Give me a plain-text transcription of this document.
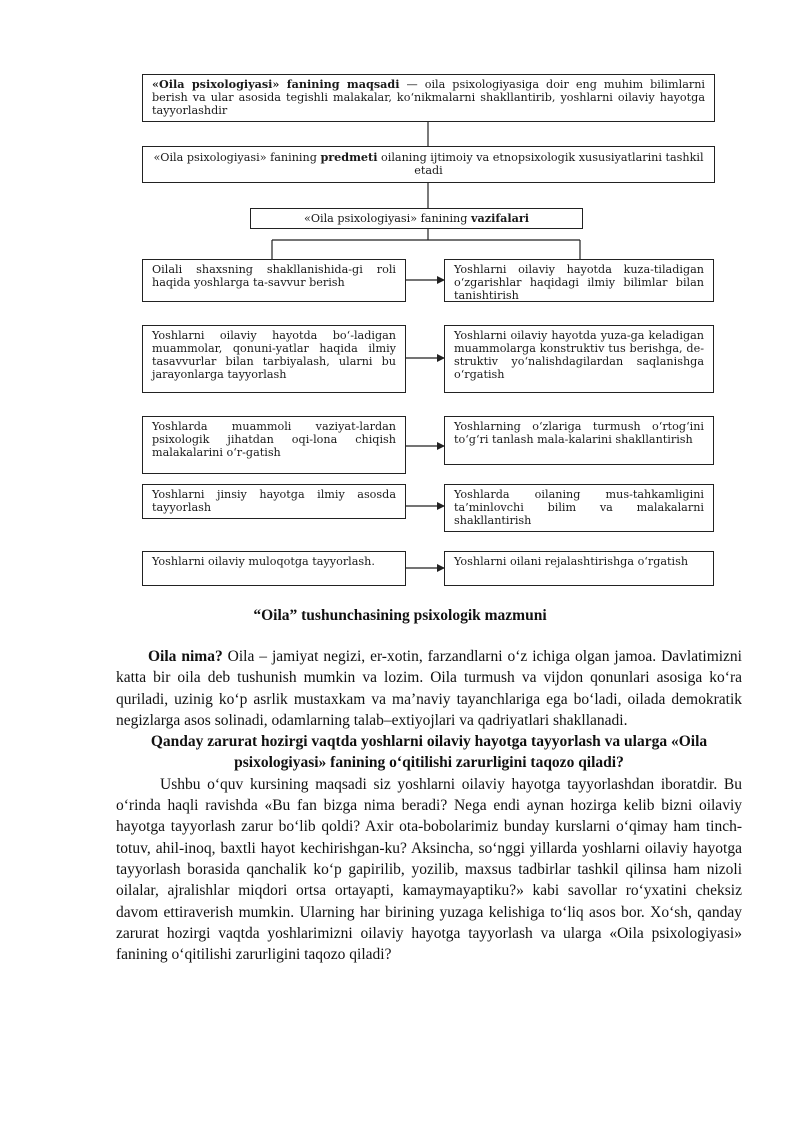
«Oila psixologiyasi» fanining maqsadi — oila psixologiyasiga doir eng muhim bilimlarni berish va ular asosida tegishli malakalar, ko‘nikmalarni shakllantirib, yoshlarni oilaviy hayotga tayyorlashdir
«Oila psixologiyasi» fanining predmeti oilaning ijtimoiy va etnopsixologik xususiyatlarini tashkil etadi
«Oila psixologiyasi» fanining vazifalari
Oilali shaxsning shakllanishida-gi roli haqida yoshlarga ta-savvur berish
Yoshlarni oilaviy hayotda bo‘-ladigan muammolar, qonuni-yatlar haqida ilmiy tasavvurlar bilan tarbiyalash, ularni bu jarayonlarga tayyorlash
Yoshlarda muammoli vaziyat-lardan psixologik jihatdan oqi-lona chiqish malakalarini o‘r-gatish
Yoshlarni jinsiy hayotga ilmiy asosda tayyorlash
Yoshlarni oilaviy muloqotga tayyorlash.
Yoshlarni oilaviy hayotda kuza-tiladigan o‘zgarishlar haqidagi ilmiy bilimlar bilan tanishtirish
Yoshlarni oilaviy hayotda yuza-ga keladigan muammolarga konstruktiv tus berishga, de-struktiv yo‘nalishdagilardan saqlanishga o‘rgatish
Yoshlarning o‘zlariga turmush o‘rtog‘ini to‘g‘ri tanlash mala-kalarini shakllantirish
Yoshlarda oilaning mus-tahkamligini ta’minlovchi bilim va malakalarni shakllantirish
Yoshlarni oilani rejalashtirishga o‘rgatish
“Oila” tushunchasining psixologik mazmuni

Oila nima? Oila – jamiyat negizi, er-xotin, farzandlarni o‘z ichiga olgan jamoa. Davlatimizni katta bir oila deb tushunish mumkin va lozim. Oila turmush va vijdon qonunlari asosiga ko‘ra quriladi, uzinig ko‘p asrlik mustaxkam va ma’naviy tayanchlariga ega bo‘ladi, oilada demokratik negizlarga asos solinadi, odamlarning talab–extiyojlari va qadriyatlari shakllanadi.

Qanday zarurat hozirgi vaqtda yoshlarni oilaviy hayotga tayyorlash va ularga «Oila psixologiyasi» fanining o‘qitilishi zarurligini taqozo qiladi?

Ushbu o‘quv kursining maqsadi siz yoshlarni oilaviy hayotga tayyorlashdan iboratdir. Bu o‘rinda haqli ravishda «Bu fan bizga nima beradi? Nega endi aynan hozirga kelib bizni oilaviy hayotga tayyorlash zarur bo‘lib qoldi? Axir ota-bobolarimiz bunday kurslarni o‘qimay ham tinch-totuv, ahil-inoq, baxtli hayot kechirishgan-ku? Aksincha, so‘nggi yillarda yoshlarni oilaviy hayotga tayyorlash borasida qanchalik ko‘p gapirilib, yozilib, maxsus tadbirlar tashkil qilinsa ham nizoli oilalar, ajralishlar miqdori ortsa ortayapti, kamaymayaptiku?» kabi savollar ro‘yxatini cheksiz davom ettiraverish mumkin. Ularning har birining yuzaga kelishiga to‘liq asos bor. Xo‘sh, qanday zarurat hozirgi vaqtda yoshlarimizni oilaviy hayotga tayyorlash va ularga «Oila psixologiyasi» fanining o‘qitilishi zarurligini taqozo qiladi?
